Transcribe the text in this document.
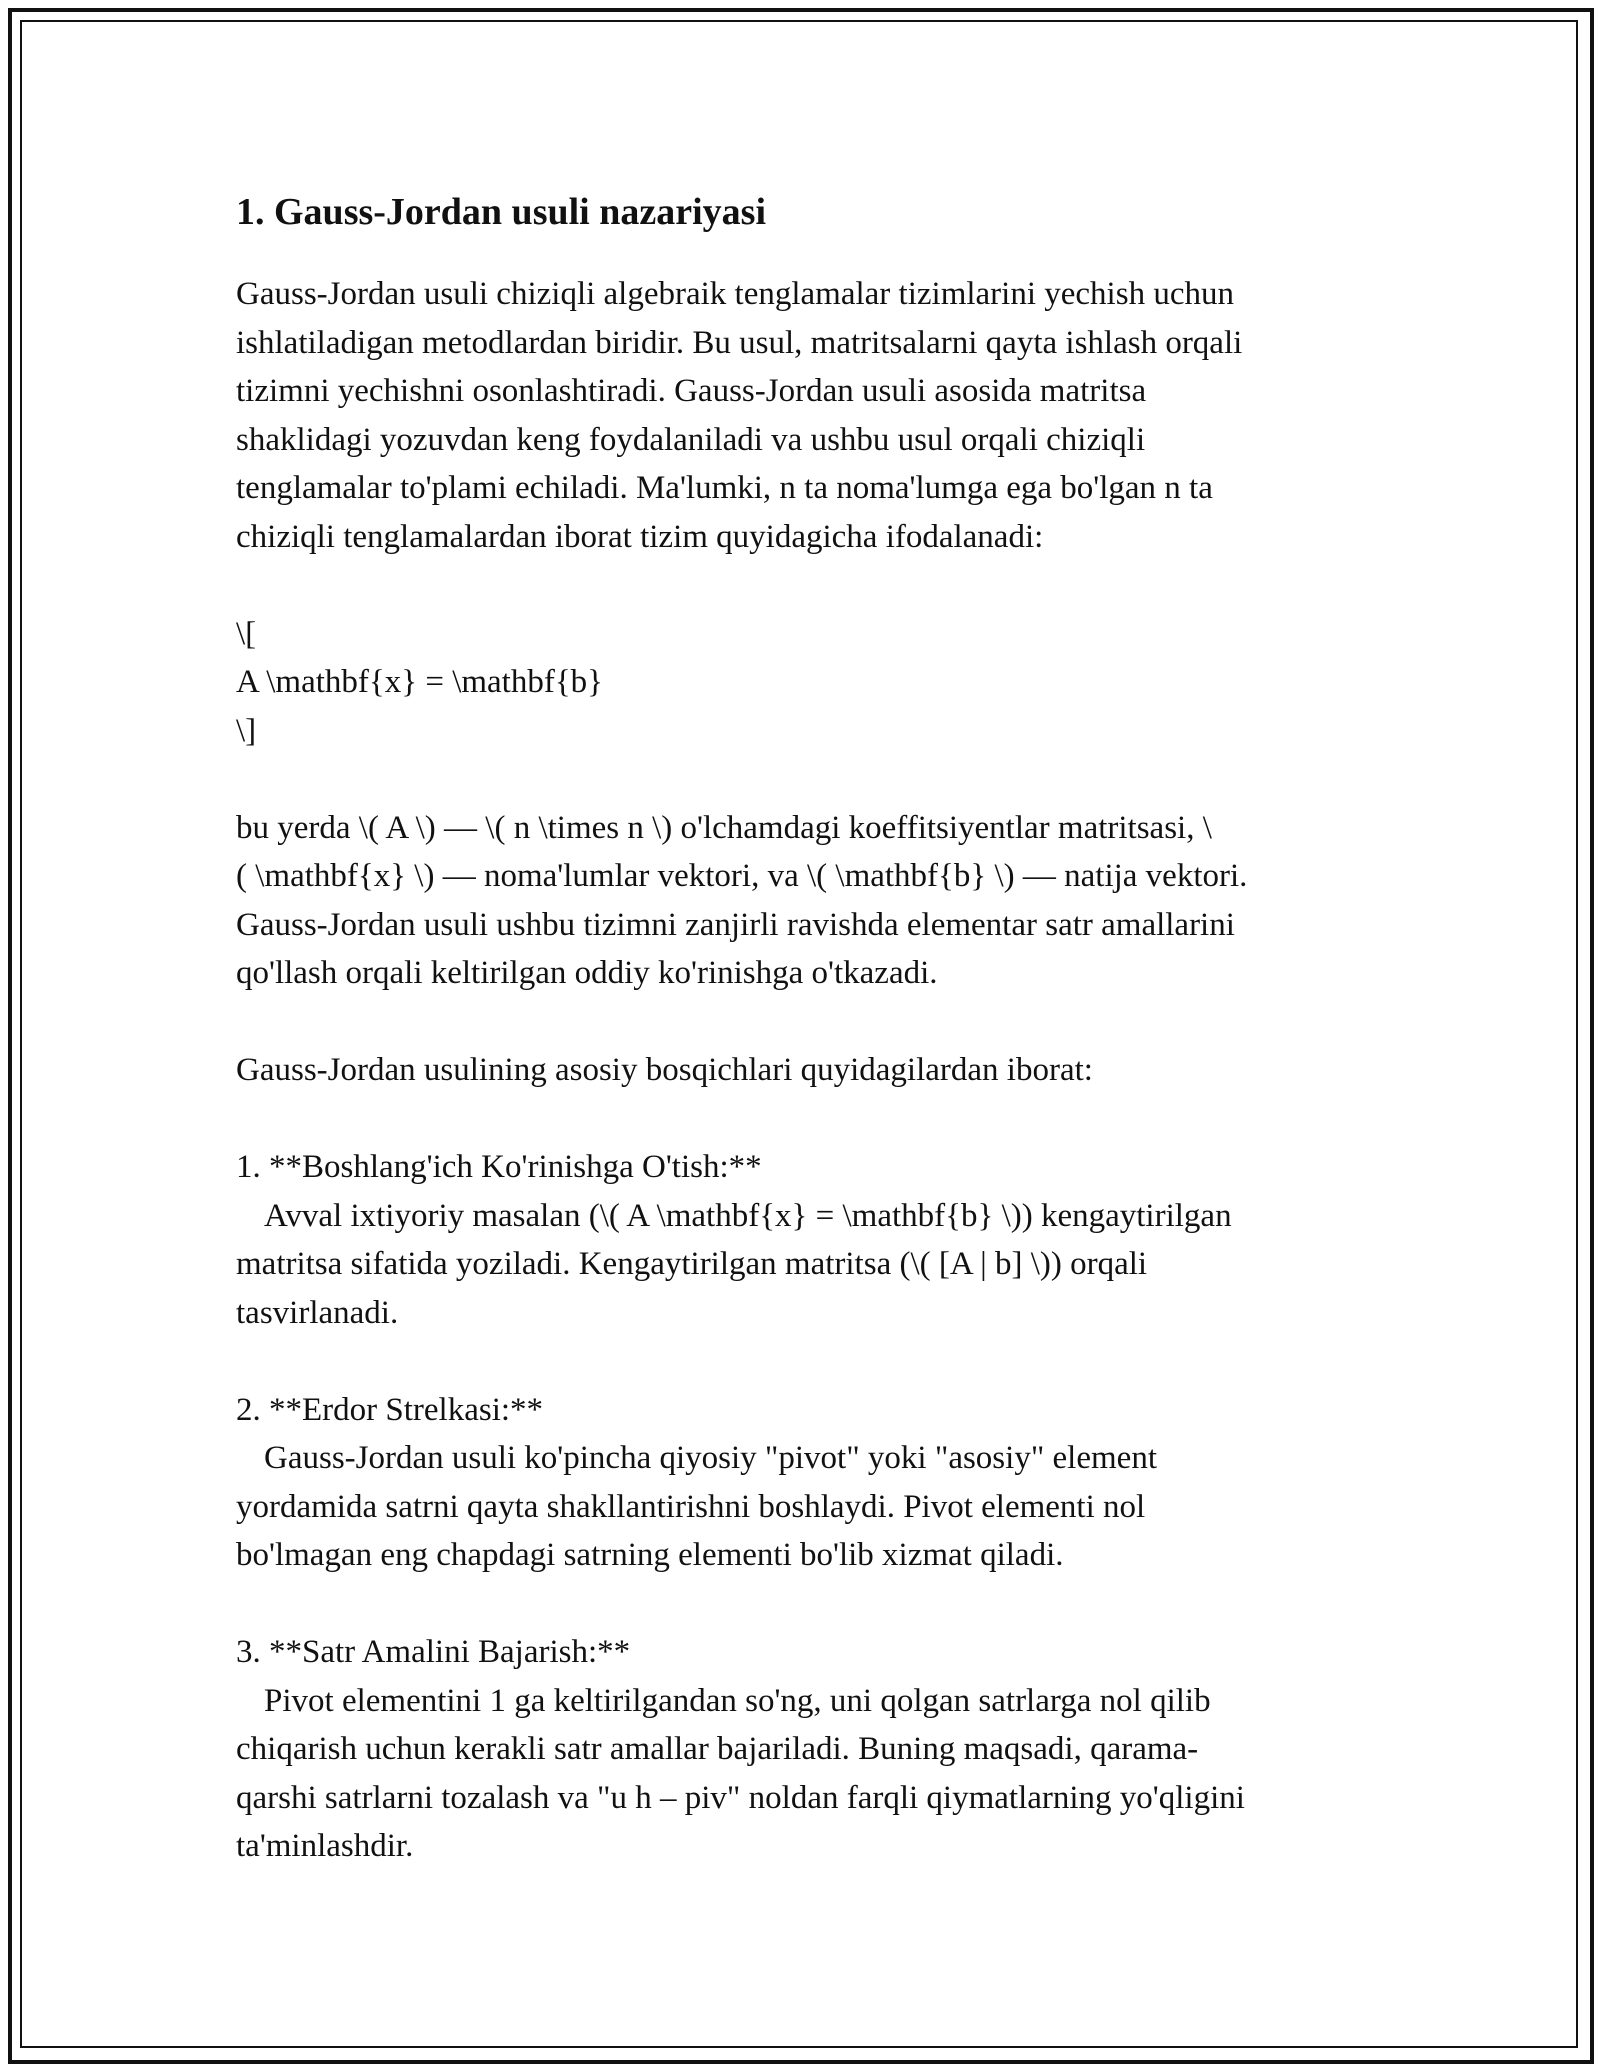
1. Gauss-Jordan usuli nazariyasi

Gauss-Jordan usuli chiziqli algebraik tenglamalar tizimlarini yechish uchun
ishlatiladigan metodlardan biridir. Bu usul, matritsalarni qayta ishlash orqali
tizimni yechishni osonlashtiradi. Gauss-Jordan usuli asosida matritsa
shaklidagi yozuvdan keng foydalaniladi va ushbu usul orqali chiziqli
tenglamalar to'plami echiladi. Ma'lumki, n ta noma'lumga ega bo'lgan n ta
chiziqli tenglamalardan iborat tizim quyidagicha ifodalanadi:

\[
A \mathbf{x} = \mathbf{b}
\]

bu yerda \( A \) — \( n \times n \) o'lchamdagi koeffitsiyentlar matritsasi, \
( \mathbf{x} \) — noma'lumlar vektori, va \( \mathbf{b} \) — natija vektori.
Gauss-Jordan usuli ushbu tizimni zanjirli ravishda elementar satr amallarini
qo'llash orqali keltirilgan oddiy ko'rinishga o'tkazadi.

Gauss-Jordan usulining asosiy bosqichlari quyidagilardan iborat:

1. **Boshlang'ich Ko'rinishga O'tish:**
Avval ixtiyoriy masalan (\( A \mathbf{x} = \mathbf{b} \)) kengaytirilgan
matritsa sifatida yoziladi. Kengaytirilgan matritsa (\( [A | b] \)) orqali
tasvirlanadi.
2. **Erdor Strelkasi:**
Gauss-Jordan usuli ko'pincha qiyosiy "pivot" yoki "asosiy" element
yordamida satrni qayta shakllantirishni boshlaydi. Pivot elementi nol
bo'lmagan eng chapdagi satrning elementi bo'lib xizmat qiladi.
3. **Satr Amalini Bajarish:**
Pivot elementini 1 ga keltirilgandan so'ng, uni qolgan satrlarga nol qilib
chiqarish uchun kerakli satr amallar bajariladi. Buning maqsadi, qarama-
qarshi satrlarni tozalash va "u h – piv" noldan farqli qiymatlarning yo'qligini
ta'minlashdir.
